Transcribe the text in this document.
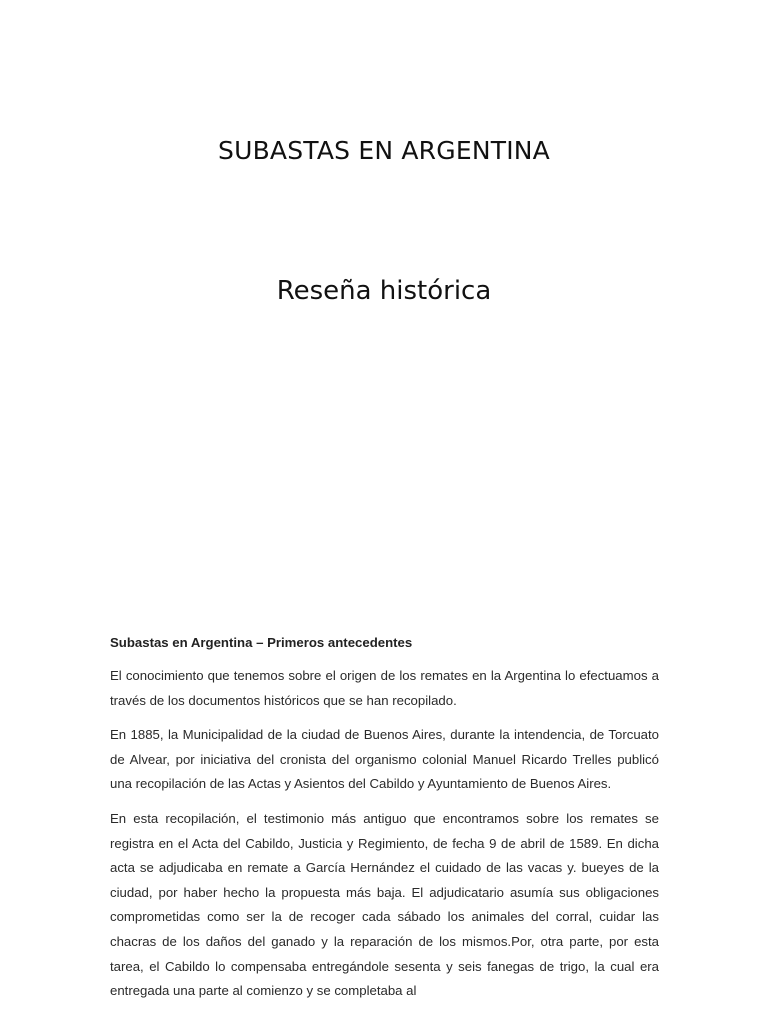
SUBASTAS EN ARGENTINA
Reseña histórica
Subastas en Argentina – Primeros antecedentes

El conocimiento que tenemos sobre el origen de los remates en la Argentina lo efectuamos a través de los documentos históricos que se han recopilado.

En 1885, la Municipalidad de la ciudad de Buenos Aires, durante la intendencia, de Torcuato de Alvear, por iniciativa del cronista del organismo colonial Manuel Ricardo Trelles publicó una recopilación de las Actas y Asientos del Cabildo y Ayuntamiento de Buenos Aires.

En esta recopilación, el testimonio más antiguo que encontramos sobre los remates se registra en el Acta del Cabildo, Justicia y Regimiento, de fecha 9 de abril de 1589. En dicha acta se adjudicaba en remate a García Hernández el cuidado de las vacas y. bueyes de la ciudad, por haber hecho la propuesta más baja. El adjudicatario asumía sus obligaciones comprometidas como ser la de recoger cada sábado los animales del corral, cuidar las chacras de los daños del ganado y la reparación de los mismos.Por, otra parte, por esta tarea, el Cabildo lo compensaba entregándole sesenta y seis fanegas de trigo, la cual era entregada una parte al comienzo y se completaba al
